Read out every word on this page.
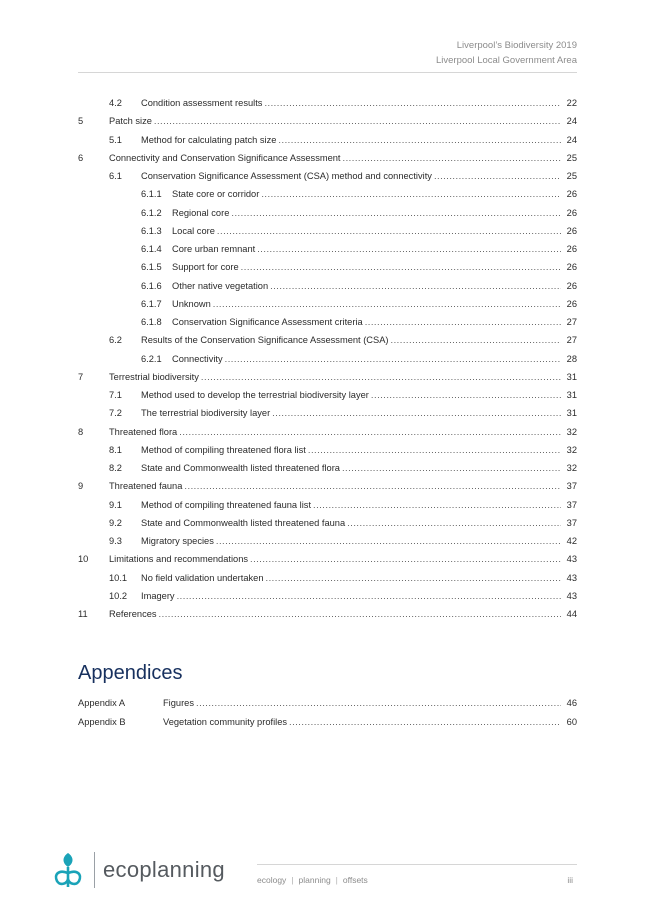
Liverpool’s Biodiversity 2019
Liverpool Local Government Area
4.2 Condition assessment results .....	22
5	Patch size .....	24
5.1 Method for calculating patch size .....	24
6	Connectivity and Conservation Significance Assessment .....	25
6.1 Conservation Significance Assessment (CSA) method and connectivity .....	25
6.1.1 State core or corridor .....	26
6.1.2 Regional core .....	26
6.1.3 Local core .....	26
6.1.4 Core urban remnant .....	26
6.1.5 Support for core .....	26
6.1.6 Other native vegetation .....	26
6.1.7 Unknown .....	26
6.1.8 Conservation Significance Assessment criteria .....	27
6.2 Results of the Conservation Significance Assessment (CSA) .....	27
6.2.1 Connectivity .....	28
7	Terrestrial biodiversity .....	31
7.1 Method used to develop the terrestrial biodiversity layer .....	31
7.2 The terrestrial biodiversity layer .....	31
8	Threatened flora .....	32
8.1 Method of compiling threatened flora list .....	32
8.2 State and Commonwealth listed threatened flora .....	32
9	Threatened fauna .....	37
9.1 Method of compiling threatened fauna list .....	37
9.2 State and Commonwealth listed threatened fauna .....	37
9.3 Migratory species .....	42
10 Limitations and recommendations .....	43
10.1 No field validation undertaken .....	43
10.2 Imagery .....	43
11 References .....	44
Appendices
Appendix A	Figures .....	46
Appendix B	Vegetation community profiles .....	60
ecoplanning	ecology | planning | offsets	iii
